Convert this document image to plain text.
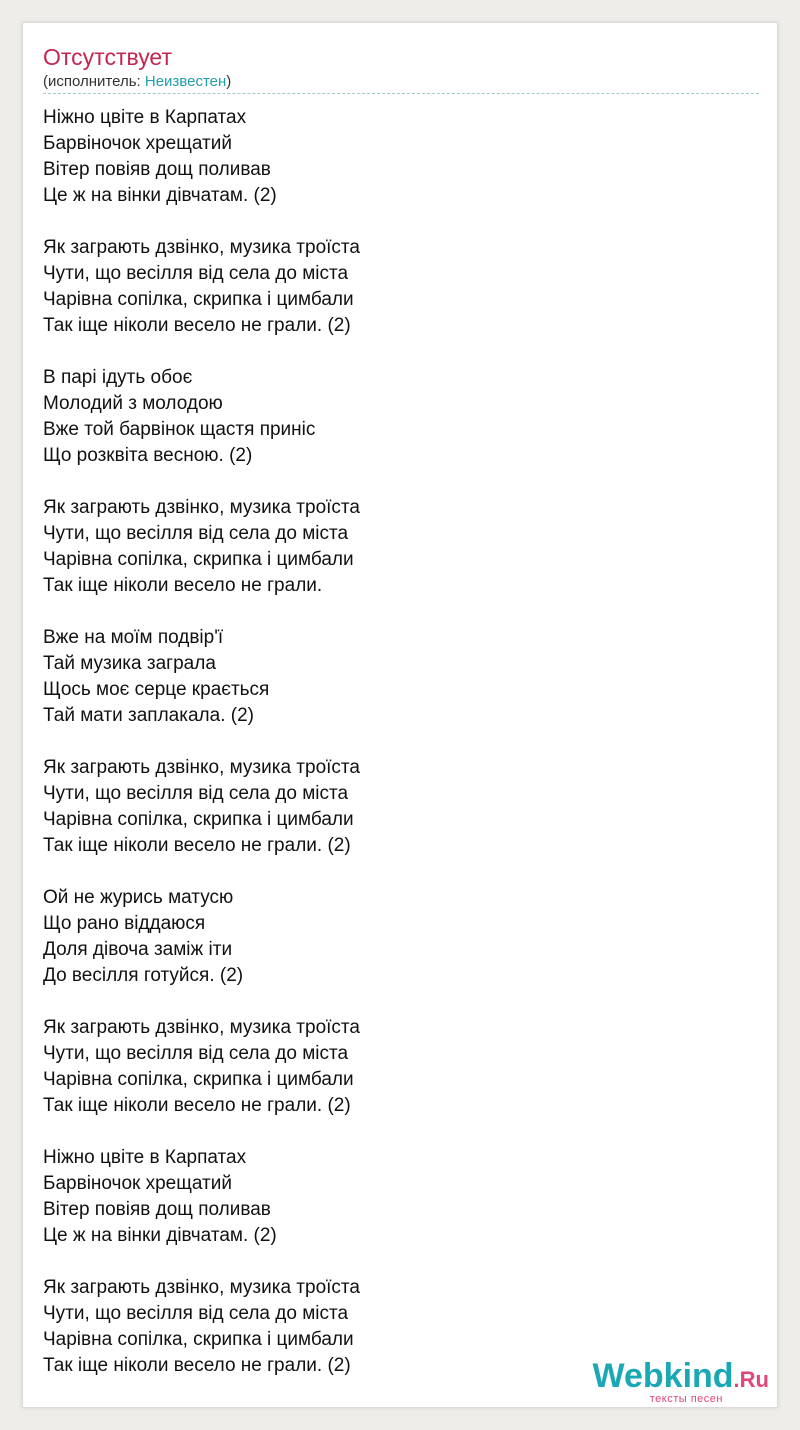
Отсутствует
(исполнитель: Неизвестен)
Ніжно цвіте в Карпатах
Барвіночок хрещатий
Вітер повіяв дощ поливав
Це ж на вінки дівчатам. (2)
Як заграють дзвінко, музика троїста
Чути, що весілля від села до міста
Чарівна сопілка, скрипка і цимбали
Так іще ніколи весело не грали. (2)
В парі ідуть обоє
Молодий з молодою
Вже той барвінок щастя приніс
Що розквіта весною. (2)
Як заграють дзвінко, музика троїста
Чути, що весілля від села до міста
Чарівна сопілка, скрипка і цимбали
Так іще ніколи весело не грали.
Вже на моїм подвір'ї
Тай музика заграла
Щось моє серце крається
Тай мати заплакала. (2)
Як заграють дзвінко, музика троїста
Чути, що весілля від села до міста
Чарівна сопілка, скрипка і цимбали
Так іще ніколи весело не грали. (2)
Ой не журись матусю
Що рано віддаюся
Доля дівоча заміж іти
До весілля готуйся. (2)
Як заграють дзвінко, музика троїста
Чути, що весілля від села до міста
Чарівна сопілка, скрипка і цимбали
Так іще ніколи весело не грали. (2)
Ніжно цвіте в Карпатах
Барвіночок хрещатий
Вітер повіяв дощ поливав
Це ж на вінки дівчатам. (2)
Як заграють дзвінко, музика троїста
Чути, що весілля від села до міста
Чарівна сопілка, скрипка і цимбали
Так іще ніколи весело не грали. (2)	Webkind.Ru
тексты песен
